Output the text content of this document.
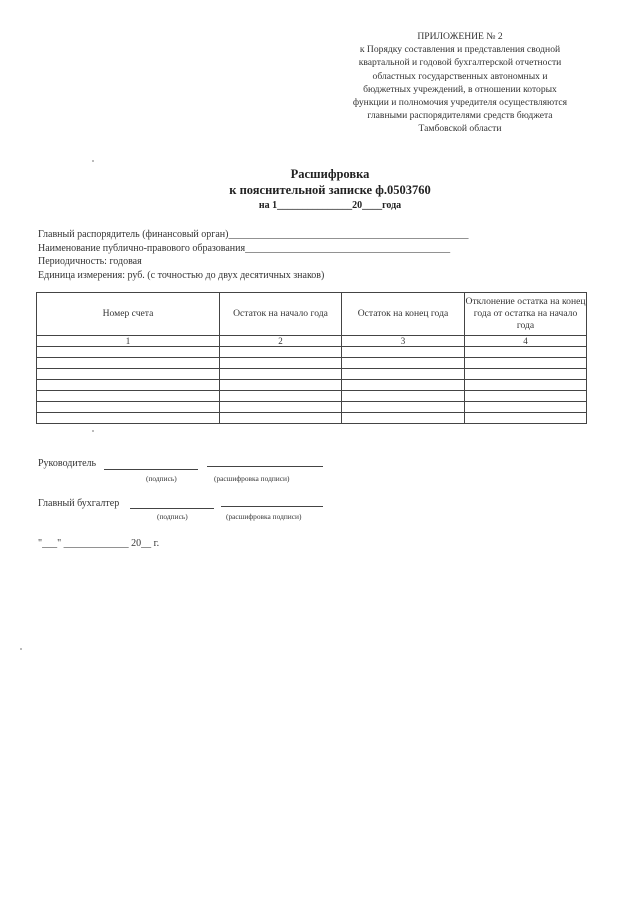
ПРИЛОЖЕНИЕ № 2
к Порядку составления и представления сводной
квартальной и годовой бухгалтерской отчетности
областных государственных автономных и
бюджетных учреждений, в отношении которых
функции и полномочия учредителя осуществляются
главными распорядителями средств бюджета
Тамбовской области
Расшифровка
к пояснительной записке ф.0503760
на 1_______________20____года
Главный распорядитель (финансовый орган)________________________________________________
Наименование публично-правового образования_________________________________________
Периодичность: годовая
Единица измерения: руб. (с точностью до двух десятичных знаков)
Номер счета	Остаток на начало года	Остаток на конец года	Отклонение остатка на конец года от остатка на начало года
1	2	3	4

Руководитель
(подпись)	(расшифровка подписи)
Главный бухгалтер
(подпись)	(расшифровка подписи)
"___" _____________ 20__ г.
